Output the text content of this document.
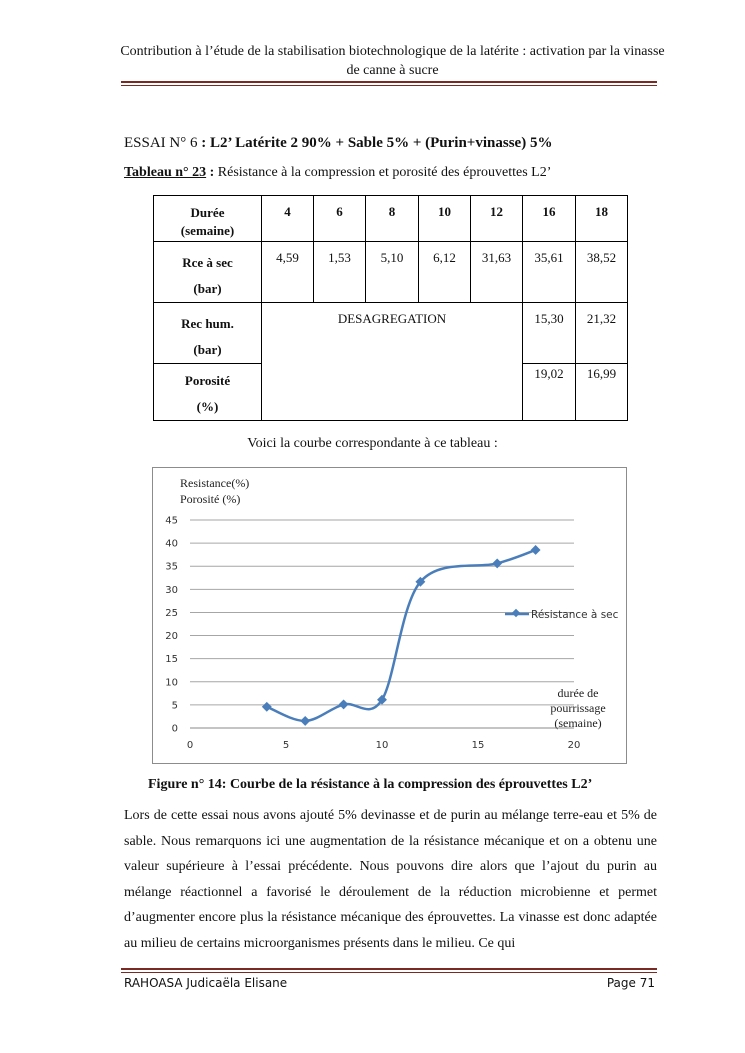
Contribution à l’étude de la stabilisation biotechnologique de la latérite : activation par la vinasse de canne à sucre
ESSAI N° 6 : L2’ Latérite 2 90% + Sable 5% + (Purin+vinasse) 5%
Tableau n° 23 : Résistance à la compression et porosité des éprouvettes L2’
Durée
(semaine)	4	6	8	10	12	16	18
Rce à sec
(bar)	4,59	1,53	5,10	6,12	31,63	35,61	38,52
Rec hum.
(bar)	DESAGREGATION					15,30	21,32
Porosité
(%)						19,02	16,99
Voici la courbe correspondante à ce tableau :
0
5
10
15
20
25
30
35
40
45
0	5	10	15	20
Resistance(%)
Porosité (%)
Résistance à sec
durée de
pourrissage
(semaine)
Figure n° 14: Courbe de la résistance à la compression des éprouvettes L2’
Lors de cette essai nous avons ajouté 5% devinasse et de purin au mélange terre-eau et 5% de sable. Nous remarquons ici une augmentation de la résistance mécanique et on a obtenu une valeur supérieure à l’essai précédente. Nous pouvons dire alors que l’ajout du purin au mélange réactionnel a favorisé le déroulement de la réduction microbienne et permet d’augmenter encore plus la résistance mécanique des éprouvettes. La vinasse est donc adaptée au milieu de certains microorganismes présents dans le milieu. Ce qui
RAHOASA Judicaëla Elisane	Page 71
